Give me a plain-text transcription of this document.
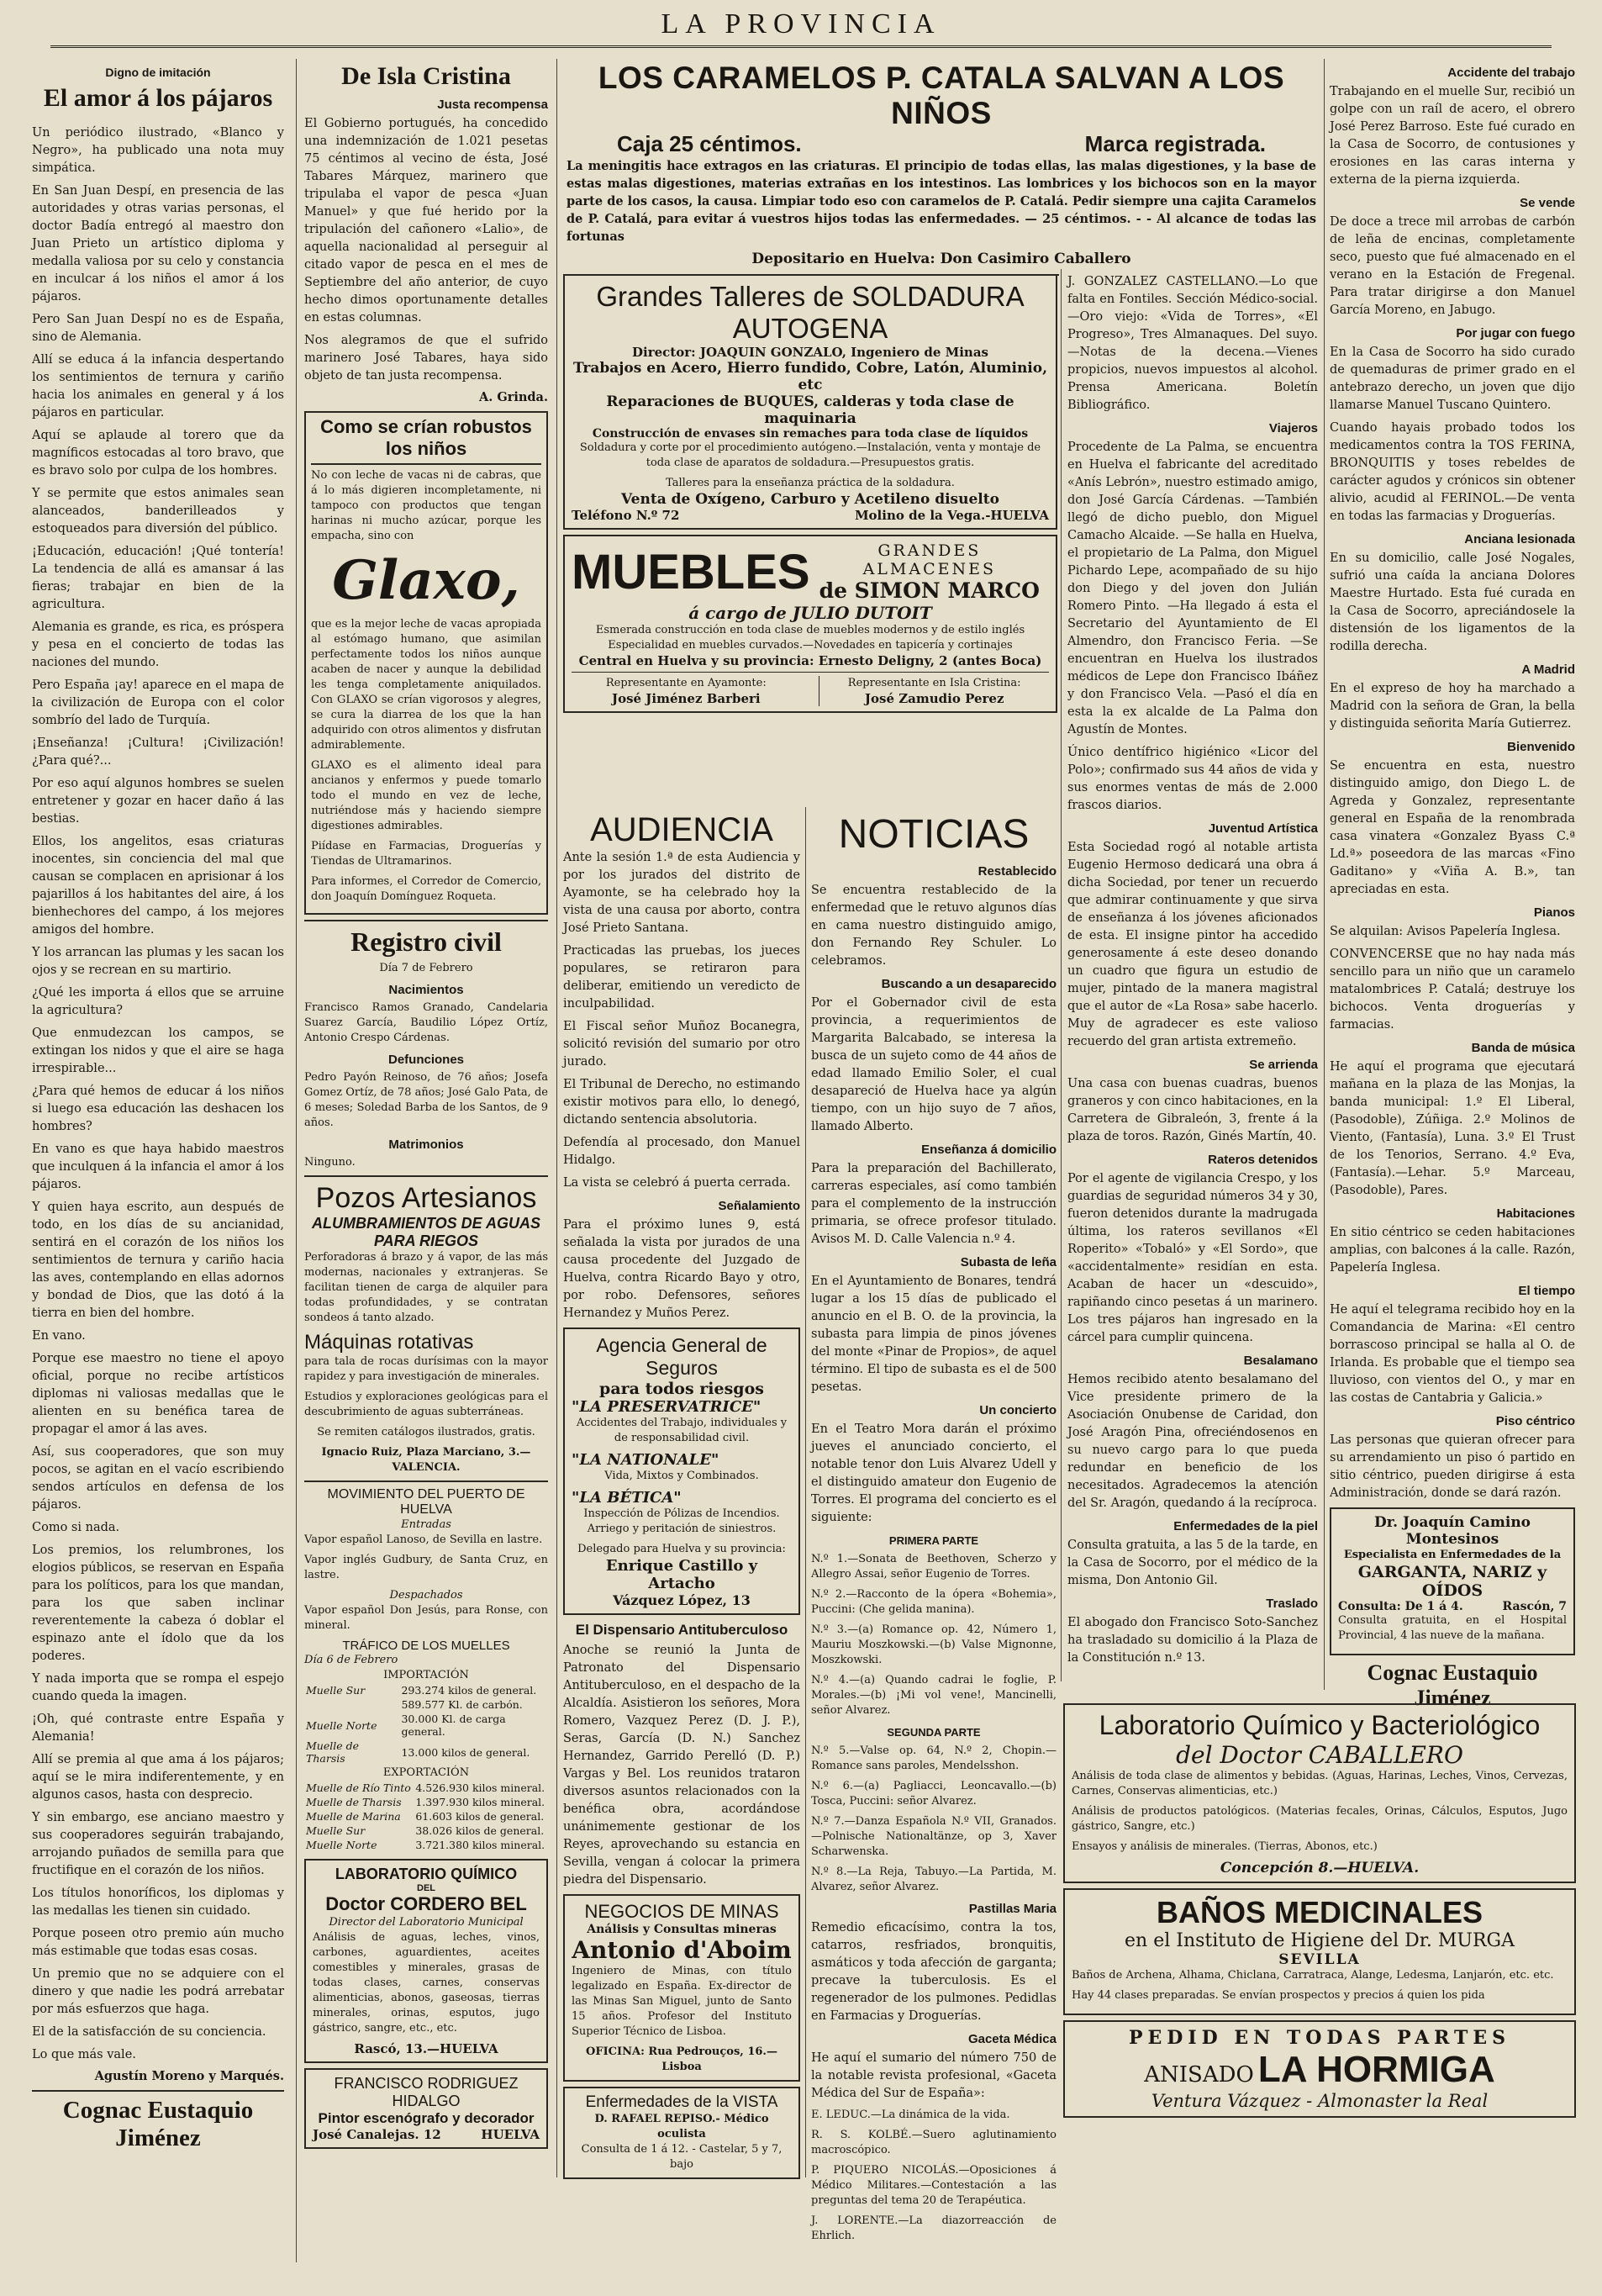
LA PROVINCIA
Digno de imitación
El amor á los pájaros

Un periódico ilustrado, «Blanco y Negro», ha publicado una nota muy simpática.

En San Juan Despí, en presencia de las autoridades y otras varias personas, el doctor Badía entregó al maestro don Juan Prieto un artístico diploma y medalla valiosa por su celo y constancia en inculcar á los niños el amor á los pájaros.

Pero San Juan Despí no es de España, sino de Alemania.

Allí se educa á la infancia despertando los sentimientos de ternura y cariño hacia los animales en general y á los pájaros en particular.

Aquí se aplaude al torero que da magníficos estocadas al toro bravo, que es bravo solo por culpa de los hombres.

Y se permite que estos animales sean alanceados, banderilleados y estoqueados para diversión del público.

¡Educación, educación! ¡Qué tontería! La tendencia de allá es amansar á las fieras; trabajar en bien de la agricultura.

Alemania es grande, es rica, es próspera y pesa en el concierto de todas las naciones del mundo.

Pero España ¡ay! aparece en el mapa de la civilización de Europa con el color sombrío del lado de Turquía.

¡Enseñanza! ¡Cultura! ¡Civilización! ¿Para qué?...

Por eso aquí algunos hombres se suelen entretener y gozar en hacer daño á las bestias.

Ellos, los angelitos, esas criaturas inocentes, sin conciencia del mal que causan se complacen en aprisionar á los pajarillos á los habitantes del aire, á los bienhechores del campo, á los mejores amigos del hombre.

Y los arrancan las plumas y les sacan los ojos y se recrean en su martirio.

¿Qué les importa á ellos que se arruine la agricultura?

Que enmudezcan los campos, se extingan los nidos y que el aire se haga irrespirable...

¿Para qué hemos de educar á los niños si luego esa educación las deshacen los hombres?

En vano es que haya habido maestros que inculquen á la infancia el amor á los pájaros.

Y quien haya escrito, aun después de todo, en los días de su ancianidad, sentirá en el corazón de los niños los sentimientos de ternura y cariño hacia las aves, contemplando en ellas adornos y bondad de Dios, que las dotó á la tierra en bien del hombre.

En vano.

Porque ese maestro no tiene el apoyo oficial, porque no recibe artísticos diplomas ni valiosas medallas que le alienten en su benéfica tarea de propagar el amor á las aves.

Así, sus cooperadores, que son muy pocos, se agitan en el vacío escribiendo sendos artículos en defensa de los pájaros.

Como si nada.

Los premios, los relumbrones, los elogios públicos, se reservan en España para los políticos, para los que mandan, para los que saben inclinar reverentemente la cabeza ó doblar el espinazo ante el ídolo que da los poderes.

Y nada importa que se rompa el espejo cuando queda la imagen.

¡Oh, qué contraste entre España y Alemania!

Allí se premia al que ama á los pájaros; aquí se le mira indiferentemente, y en algunos casos, hasta con desprecio.

Y sin embargo, ese anciano maestro y sus cooperadores seguirán trabajando, arrojando puñados de semilla para que fructifique en el corazón de los niños.

Los títulos honoríficos, los diplomas y las medallas les tienen sin cuidado.

Porque poseen otro premio aún mucho más estimable que todas esas cosas.

Un premio que no se adquiere con el dinero y que nadie les podrá arrebatar por más esfuerzos que haga.

El de la satisfacción de su conciencia.

Lo que más vale.

Agustín Moreno y Marqués.
Cognac Eustaquio Jiménez
De Isla Cristina
Justa recompensa

El Gobierno portugués, ha concedido una indemnización de 1.021 pesetas 75 céntimos al vecino de ésta, José Tabares Márquez, marinero que tripulaba el vapor de pesca «Juan Manuel» y que fué herido por la tripulación del cañonero «Lalio», de aquella nacionalidad al perseguir al citado vapor de pesca en el mes de Septiembre del año anterior, de cuyo hecho dimos oportunamente detalles en estas columnas.

Nos alegramos de que el sufrido marinero José Tabares, haya sido objeto de tan justa recompensa.

A. Grinda.
Como se crían robustos los niños

No con leche de vacas ni de cabras, que á lo más digieren incompletamente, ni tampoco con productos que tengan harinas ni mucho azúcar, porque les empacha, sino con

Glaxo,

que es la mejor leche de vacas apropiada al estómago humano, que asimilan perfectamente todos los niños aunque acaben de nacer y aunque la debilidad les tenga completamente aniquilados. Con GLAXO se crían vigorosos y alegres, se cura la diarrea de los que la han adquirido con otros alimentos y disfrutan admirablemente.

GLAXO es el alimento ideal para ancianos y enfermos y puede tomarlo todo el mundo en vez de leche, nutriéndose más y haciendo siempre digestiones admirables.

Piídase en Farmacias, Droguerías y Tiendas de Ultramarinos.

Para informes, el Corredor de Comercio, don Joaquín Domínguez Roqueta.

Registro civil
Día 7 de Febrero
Nacimientos

Francisco Ramos Granado, Candelaria Suarez García, Baudilio López Ortíz, Antonio Crespo Cárdenas.

Defunciones

Pedro Payón Reinoso, de 76 años; Josefa Gomez Ortíz, de 78 años; José Galo Pata, de 6 meses; Soledad Barba de los Santos, de 9 años.

Matrimonios

Ninguno.

Pozos Artesianos
ALUMBRAMIENTOS DE AGUAS PARA RIEGOS

Perforadoras á brazo y á vapor, de las más modernas, nacionales y extranjeras. Se facilitan tienen de carga de alquiler para todas profundidades, y se contratan sondeos á tanto alzado.

Máquinas rotativas

para tala de rocas durísimas con la mayor rapidez y para investigación de minerales.

Estudios y exploraciones geológicas para el descubrimiento de aguas subterráneas.

Se remiten catálogos ilustrados, gratis.

Ignacio Ruiz, Plaza Marciano, 3.—VALENCIA.

MOVIMIENTO DEL PUERTO DE HUELVA
Entradas

Vapor español Lanoso, de Sevilla en lastre.

Vapor inglés Gudbury, de Santa Cruz, en lastre.

Despachados

Vapor español Don Jesús, para Ronse, con mineral.

TRÁFICO DE LOS MUELLES
Día 6 de Febrero
IMPORTACIÓN
Muelle Sur	293.274 kilos de general.
	589.577 Kl. de carbón.
Muelle Norte	30.000 Kl. de carga general.
Muelle de Tharsis	13.000 kilos de general.
EXPORTACIÓN
Muelle de Río Tinto	4.526.930 kilos mineral.
Muelle de Tharsis	1.397.930 kilos mineral.
Muelle de Marina	61.603 kilos de general.
Muelle Sur	38.026 kilos de general.
Muelle Norte	3.721.380 kilos mineral.
LABORATORIO QUÍMICO
DEL
Doctor CORDERO BEL
Director del Laboratorio Municipal

Análisis de aguas, leches, vinos, carbones, aguardientes, aceites comestibles y minerales, grasas de todas clases, carnes, conservas alimenticias, abonos, gaseosas, tierras minerales, orinas, esputos, jugo gástrico, sangre, etc., etc.

Rascó, 13.—HUELVA
FRANCISCO RODRIGUEZ HIDALGO
Pintor escenógrafo y decorador
José Canalejas. 12	HUELVA
LOS CARAMELOS P. CATALA SALVAN A LOS NIÑOS
Caja 25 céntimos.	Marca registrada.

La meningitis hace extragos en las criaturas. El principio de todas ellas, las malas digestiones, y la base de estas malas digestiones, materias extrañas en los intestinos. Las lombrices y los bichocos son en la mayor parte de los casos, la causa. Limpiar todo eso con caramelos de P. Catalá. Pedir siempre una cajita Caramelos de P. Catalá, para evitar á vuestros hijos todas las enfermedades. — 25 céntimos. - - Al alcance de todas las fortunas

Depositario en Huelva: Don Casimiro Caballero

J. GONZALEZ CASTELLANO.—Lo que falta en Fontiles. Sección Médico-social.—Oro viejo: «Vida de Torres», «El Progreso», Tres Almanaques. Del suyo.—Notas de la decena.—Vienes propicios, nuevos impuestos al alcohol. Prensa Americana. Boletín Bibliográfico.

Viajeros

Procedente de La Palma, se encuentra en Huelva el fabricante del acreditado «Anís Lebrón», nuestro estimado amigo, don José García Cárdenas. —También llegó de dicho pueblo, don Miguel Camacho Alcaide. —Se halla en Huelva, el propietario de La Palma, don Miguel Pichardo Lepe, acompañado de su hijo don Diego y del joven don Julián Romero Pinto. —Ha llegado á esta el Secretario del Ayuntamiento de El Almendro, don Francisco Feria. —Se encuentran en Huelva los ilustrados médicos de Lepe don Francisco Ibáñez y don Francisco Vela. —Pasó el día en esta la ex alcalde de La Palma don Agustín de Montes.

Único dentífrico higiénico «Licor del Polo»; confirmado sus 44 años de vida y sus enormes ventas de más de 2.000 frascos diarios.

Juventud Artística

Esta Sociedad rogó al notable artista Eugenio Hermoso dedicará una obra á dicha Sociedad, por tener un recuerdo que admirar continuamente y que sirva de enseñanza á los jóvenes aficionados de esta. El insigne pintor ha accedido generosamente á este deseo donando un cuadro que figura un estudio de mujer, pintado de la manera magistral que el autor de «La Rosa» sabe hacerlo. Muy de agradecer es este valioso recuerdo del gran artista extremeño.

Se arrienda

Una casa con buenas cuadras, buenos graneros y con cinco habitaciones, en la Carretera de Gibraleón, 3, frente á la plaza de toros. Razón, Ginés Martín, 40.

Rateros detenidos

Por el agente de vigilancia Crespo, y los guardias de seguridad números 34 y 30, fueron detenidos durante la madrugada última, los rateros sevillanos «El Roperito» «Tobaló» y «El Sordo», que «accidentalmente» residían en esta. Acaban de hacer un «descuido», rapiñando cinco pesetas á un marinero. Los tres pájaros han ingresado en la cárcel para cumplir quincena.

Besalamano

Hemos recibido atento besalamano del Vice presidente primero de la Asociación Onubense de Caridad, don José Aragón Pina, ofreciéndosenos en su nuevo cargo para lo que pueda redundar en beneficio de los necesitados. Agradecemos la atención del Sr. Aragón, quedando á la recíproca.

Enfermedades de la piel

Consulta gratuita, a las 5 de la tarde, en la Casa de Socorro, por el médico de la misma, Don Antonio Gil.

Traslado

El abogado don Francisco Soto-Sanchez ha trasladado su domicilio á la Plaza de la Constitución n.º 13.

Grandes Talleres de SOLDADURA AUTOGENA
Director: JOAQUIN GONZALO, Ingeniero de Minas
Trabajos en Acero, Hierro fundido, Cobre, Latón, Aluminio, etc
Reparaciones de BUQUES, calderas y toda clase de maquinaria
Construcción de envases sin remaches para toda clase de líquidos

Soldadura y corte por el procedimiento autógeno.—Instalación, venta y montaje de toda clase de aparatos de soldadura.—Presupuestos gratis.

Talleres para la enseñanza práctica de la soldadura.
Venta de Oxígeno, Carburo y Acetileno disuelto
Teléfono N.º 72	Molino de la Vega.-HUELVA
MUEBLES	GRANDES ALMACENES
de SIMON MARCO
á cargo de JULIO DUTOIT
Esmerada construcción en toda clase de muebles modernos y de estilo inglés
Especialidad en muebles curvados.—Novedades en tapicería y cortinajes
Central en Huelva y su provincia: Ernesto Deligny, 2 (antes Boca)
Representante en Ayamonte:
José Jiménez Barberi
Representante en Isla Cristina:
José Zamudio Perez
AUDIENCIA

Ante la sesión 1.ª de esta Audiencia y por los jurados del distrito de Ayamonte, se ha celebrado hoy la vista de una causa por aborto, contra José Prieto Santana.

Practicadas las pruebas, los jueces populares, se retiraron para deliberar, emitiendo un veredicto de inculpabilidad.

El Fiscal señor Muñoz Bocanegra, solicitó revisión del sumario por otro jurado.

El Tribunal de Derecho, no estimando existir motivos para ello, lo denegó, dictando sentencia absolutoria.

Defendía al procesado, don Manuel Hidalgo.

La vista se celebró á puerta cerrada.

Señalamiento

Para el próximo lunes 9, está señalada la vista por jurados de una causa procedente del Juzgado de Huelva, contra Ricardo Bayo y otro, por robo. Defensores, señores Hernandez y Muños Perez.

Agencia General de Seguros
para todos riesgos
"LA PRESERVATRICE"

Accidentes del Trabajo, individuales y de responsabilidad civil.

"LA NATIONALE"

Vida, Mixtos y Combinados.

"LA BÉTICA"

Inspección de Pólizas de Incendios. Arriego y peritación de siniestros.

Delegado para Huelva y su provincia:
Enrique Castillo y Artacho
Vázquez López, 13
El Dispensario Antituberculoso

Anoche se reunió la Junta de Patronato del Dispensario Antituberculoso, en el despacho de la Alcaldía. Asistieron los señores, Mora Romero, Vazquez Perez (D. J. P.), Seras, García (D. N.) Sanchez Hernandez, Garrido Perelló (D. P.) Vargas y Bel. Los reunidos trataron diversos asuntos relacionados con la benéfica obra, acordándose unánimemente gestionar de los Reyes, aprovechando su estancia en Sevilla, vengan á colocar la primera piedra del Dispensario.

NEGOCIOS DE MINAS
Análisis y Consultas mineras
Antonio d'Aboim

Ingeniero de Minas, con título legalizado en España. Ex-director de las Minas San Miguel, junto de Santo 15 años. Profesor del Instituto Superior Técnico de Lisboa.

OFICINA: Rua Pedrouços, 16.—Lisboa
Enfermedades de la VISTA
D. RAFAEL REPISO.- Médico oculista
Consulta de 1 á 12. - Castelar, 5 y 7, bajo
NOTICIAS
Restablecido

Se encuentra restablecido de la enfermedad que le retuvo algunos días en cama nuestro distinguido amigo, don Fernando Rey Schuler. Lo celebramos.

Buscando a un desaparecido

Por el Gobernador civil de esta provincia, a requerimientos de Margarita Balcabado, se interesa la busca de un sujeto como de 44 años de edad llamado Emilio Soler, el cual desapareció de Huelva hace ya algún tiempo, con un hijo suyo de 7 años, llamado Alberto.

Enseñanza á domicilio

Para la preparación del Bachillerato, carreras especiales, así como también para el complemento de la instrucción primaria, se ofrece profesor titulado. Avisos M. D. Calle Valencia n.º 4.

Subasta de leña

En el Ayuntamiento de Bonares, tendrá lugar a los 15 días de publicado el anuncio en el B. O. de la provincia, la subasta para limpia de pinos jóvenes del monte «Pinar de Propios», de aquel término. El tipo de subasta es el de 500 pesetas.

Un concierto

En el Teatro Mora darán el próximo jueves el anunciado concierto, el notable tenor don Luis Alvarez Udell y el distinguido amateur don Eugenio de Torres. El programa del concierto es el siguiente:

PRIMERA PARTE

N.º 1.—Sonata de Beethoven, Scherzo y Allegro Assai, señor Eugenio de Torres.

N.º 2.—Racconto de la ópera «Bohemia», Puccini: (Che gelida manina).

N.º 3.—(a) Romance op. 42, Número 1, Mauriu Moszkowski.—(b) Valse Mignonne, Moszkowski.

N.º 4.—(a) Quando cadrai le foglie, P. Morales.—(b) ¡Mi vol vene!, Mancinelli, señor Alvarez.

SEGUNDA PARTE

N.º 5.—Valse op. 64, N.º 2, Chopin.—Romance sans paroles, Mendelsshon.

N.º 6.—(a) Pagliacci, Leoncavallo.—(b) Tosca, Puccini: señor Alvarez.

N.º 7.—Danza Española N.º VII, Granados.—Polnische Nationaltänze, op 3, Xaver Scharwenska.

N.º 8.—La Reja, Tabuyo.—La Partida, M. Alvarez, señor Alvarez.

Pastillas Maria

Remedio eficacísimo, contra la tos, catarros, resfriados, bronquitis, asmáticos y toda afección de garganta; precave la tuberculosis. Es el regenerador de los pulmones. Pedidlas en Farmacias y Droguerías.

Gaceta Médica

He aquí el sumario del número 750 de la notable revista profesional, «Gaceta Médica del Sur de España»:

E. LEDUC.—La dinámica de la vida.

R. S. KOLBÉ.—Suero aglutinamiento macroscópico.

P. PIQUERO NICOLÁS.—Oposiciones á Médico Militares.—Contestación a las preguntas del tema 20 de Terapéutica.

J. LORENTE.—La diazorreacción de Ehrlich.

Accidente del trabajo

Trabajando en el muelle Sur, recibió un golpe con un raíl de acero, el obrero José Perez Barroso. Este fué curado en la Casa de Socorro, de contusiones y erosiones en las caras interna y externa de la pierna izquierda.

Se vende

De doce a trece mil arrobas de carbón de leña de encinas, completamente seco, puesto que fué almacenado en el verano en la Estación de Fregenal. Para tratar dirigirse a don Manuel García Moreno, en Jabugo.

Por jugar con fuego

En la Casa de Socorro ha sido curado de quemaduras de primer grado en el antebrazo derecho, un joven que dijo llamarse Manuel Tuscano Quintero.

Cuando hayais probado todos los medicamentos contra la TOS FERINA, BRONQUITIS y toses rebeldes de carácter agudos y crónicos sin obtener alivio, acudid al FERINOL.—De venta en todas las farmacias y Droguerías.

Anciana lesionada

En su domicilio, calle José Nogales, sufrió una caída la anciana Dolores Maestre Hurtado. Esta fué curada en la Casa de Socorro, apreciándosele la distensión de los ligamentos de la rodilla derecha.

A Madrid

En el expreso de hoy ha marchado a Madrid con la señora de Gran, la bella y distinguida señorita María Gutierrez.

Bienvenido

Se encuentra en esta, nuestro distinguido amigo, don Diego L. de Agreda y Gonzalez, representante general en España de la renombrada casa vinatera «Gonzalez Byass C.ª Ld.ª» poseedora de las marcas «Fino Gaditano» y «Viña A. B.», tan apreciadas en esta.

Pianos

Se alquilan: Avisos Papelería Inglesa.

CONVENCERSE que no hay nada más sencillo para un niño que un caramelo matalombrices P. Catalá; destruye los bichocos. Venta droguerías y farmacias.

Banda de música

He aquí el programa que ejecutará mañana en la plaza de las Monjas, la banda municipal: 1.º El Liberal, (Pasodoble), Zúñiga. 2.º Molinos de Viento, (Fantasía), Luna. 3.º El Trust de los Tenorios, Serrano. 4.º Eva, (Fantasía).—Lehar. 5.º Marceau, (Pasodoble), Pares.

Habitaciones

En sitio céntrico se ceden habitaciones amplias, con balcones á la calle. Razón, Papelería Inglesa.

El tiempo

He aquí el telegrama recibido hoy en la Comandancia de Marina: «El centro borrascoso principal se halla al O. de Irlanda. Es probable que el tiempo sea lluvioso, con vientos del O., y mar en las costas de Cantabria y Galicia.»

Piso céntrico

Las personas que quieran ofrecer para su arrendamiento un piso ó partido en sitio céntrico, pueden dirigirse á esta Administración, donde se dará razón.

Dr. Joaquín Camino Montesinos
Especialista en Enfermedades de la
GARGANTA, NARIZ y OÍDOS
Consulta: De 1 á 4.	Rascón, 7

Consulta gratuita, en el Hospital Provincial, 4 las nueve de la mañana.

Cognac Eustaquio Jiménez
Laboratorio Químico y Bacteriológico
del Doctor CABALLERO

Análisis de toda clase de alimentos y bebidas. (Aguas, Harinas, Leches, Vinos, Cervezas, Carnes, Conservas alimenticias, etc.)

Análisis de productos patológicos. (Materias fecales, Orinas, Cálculos, Esputos, Jugo gástrico, Sangre, etc.)

Ensayos y análisis de minerales. (Tierras, Abonos, etc.)

Concepción 8.—HUELVA.
BAÑOS MEDICINALES
en el Instituto de Higiene del Dr. MURGA
SEVILLA

Baños de Archena, Alhama, Chiclana, Carratraca, Alange, Ledesma, Lanjarón, etc. etc.

Hay 44 clases preparadas. Se envían prospectos y precios á quien los pida

PEDID EN TODAS PARTES
ANISADO LA HORMIGA
Ventura Vázquez - Almonaster la Real
